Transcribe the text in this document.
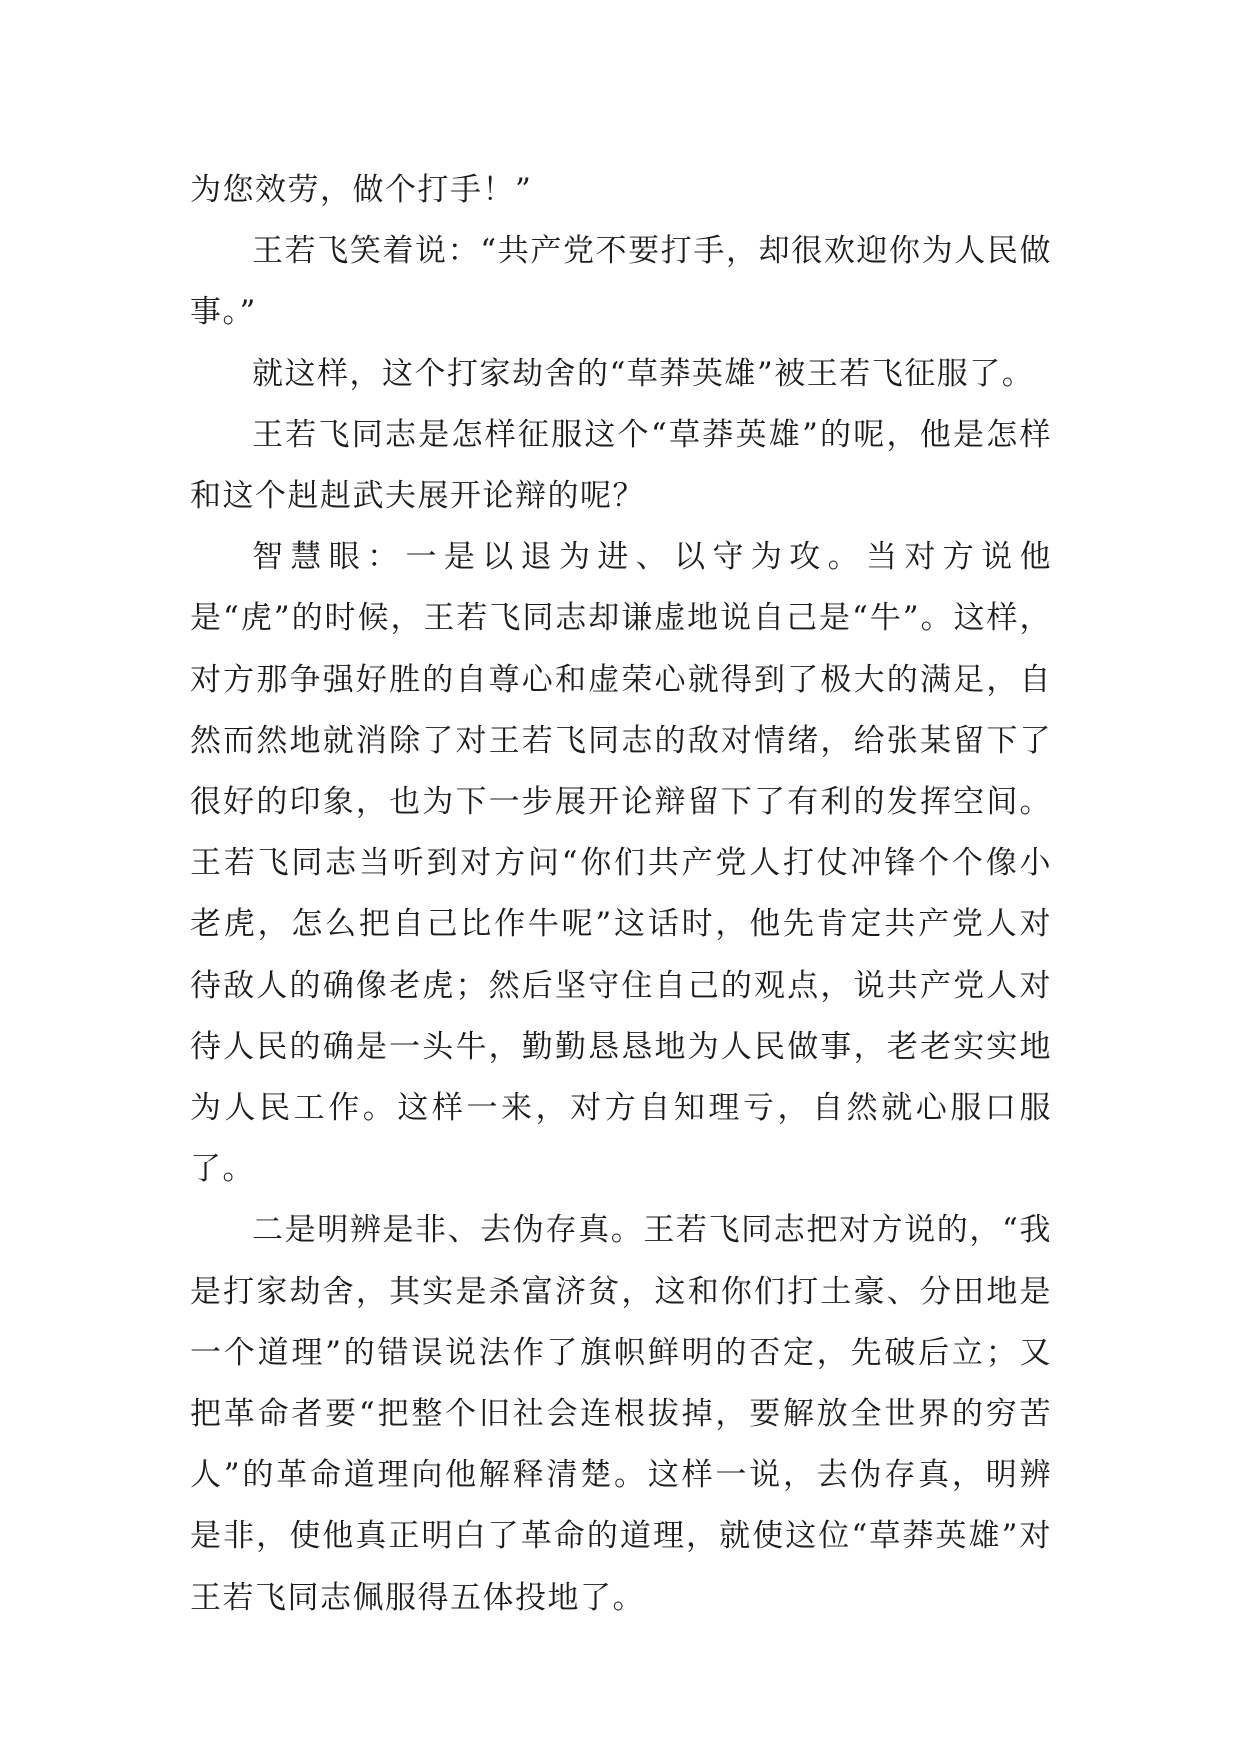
为您效劳，做个打手！”

王若飞笑着说：“共产党不要打手，却很欢迎你为人民做事。”

就这样，这个打家劫舍的“草莽英雄”被王若飞征服了。

王若飞同志是怎样征服这个“草莽英雄”的呢，他是怎样和这个赳赳武夫展开论辩的呢？

智慧眼：一是以退为进、以守为攻。当对方说他是“虎”的时候，王若飞同志却谦虚地说自己是“牛”。这样，对方那争强好胜的自尊心和虚荣心就得到了极大的满足，自然而然地就消除了对王若飞同志的敌对情绪，给张某留下了很好的印象，也为下一步展开论辩留下了有利的发挥空间。王若飞同志当听到对方问“你们共产党人打仗冲锋个个像小老虎，怎么把自己比作牛呢”这话时，他先肯定共产党人对待敌人的确像老虎；然后坚守住自己的观点，说共产党人对待人民的确是一头牛，勤勤恳恳地为人民做事，老老实实地为人民工作。这样一来，对方自知理亏，自然就心服口服了。

二是明辨是非、去伪存真。王若飞同志把对方说的，“我是打家劫舍，其实是杀富济贫，这和你们打土豪、分田地是一个道理”的错误说法作了旗帜鲜明的否定，先破后立；又把革命者要“把整个旧社会连根拔掉，要解放全世界的穷苦人”的革命道理向他解释清楚。这样一说，去伪存真，明辨是非，使他真正明白了革命的道理，就使这位“草莽英雄”对王若飞同志佩服得五体投地了。
